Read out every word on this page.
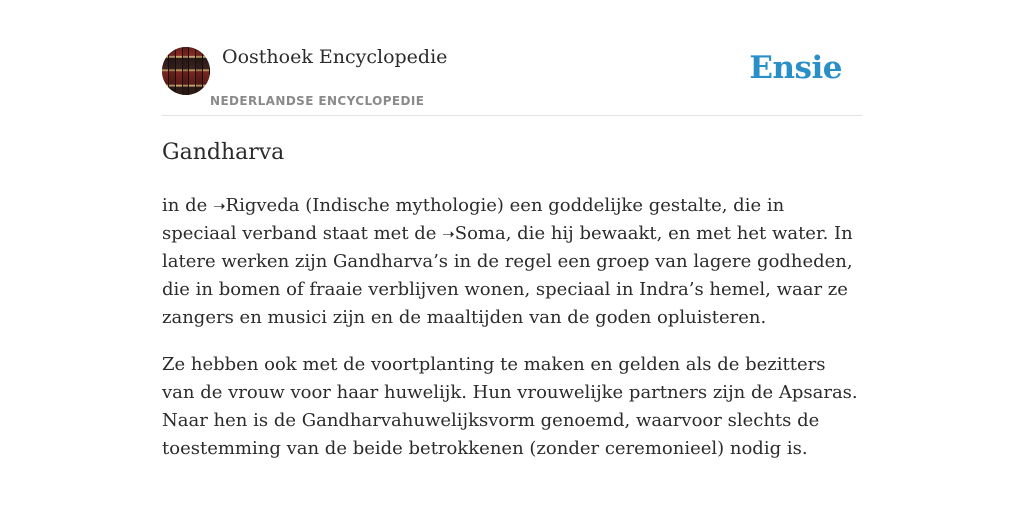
Oosthoek Encyclopedie
NEDERLANDSE ENCYCLOPEDIE
Ensie
Gandharva

in de ➝Rigveda (Indische mythologie) een goddelijke gestalte, die in speciaal verband staat met de ➝Soma, die hij bewaakt, en met het water. In latere werken zijn Gandharva’s in de regel een groep van lagere godheden, die in bomen of fraaie verblijven wonen, speciaal in Indra’s hemel, waar ze zangers en musici zijn en de maaltijden van de goden opluisteren.

Ze hebben ook met de voortplanting te maken en gelden als de bezitters van de vrouw voor haar huwelijk. Hun vrouwelijke partners zijn de Apsaras. Naar hen is de Gandharvahuwelijksvorm genoemd, waarvoor slechts de toestemming van de beide betrokkenen (zonder ceremonieel) nodig is.
